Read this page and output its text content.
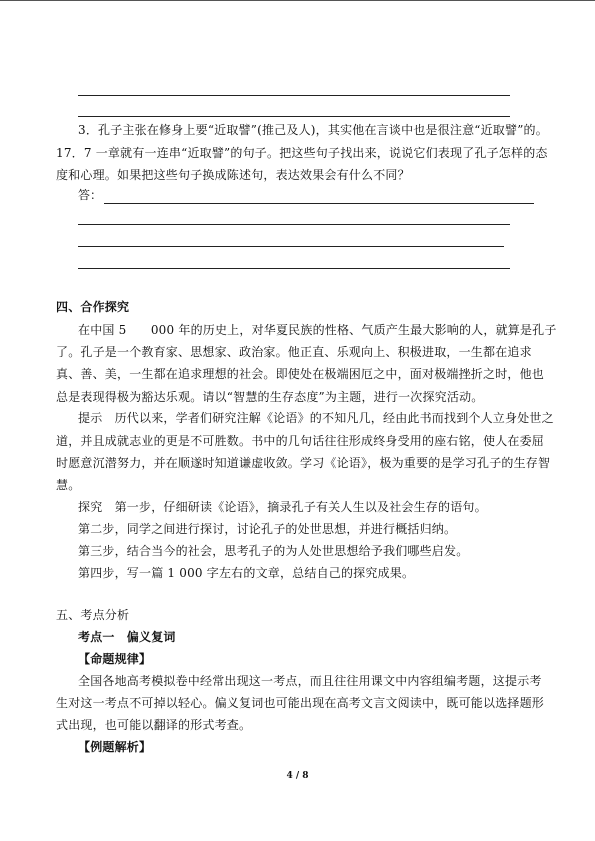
3．孔子主张在修身上要“近取譬”(推己及人)，其实他在言谈中也是很注意“近取譬”的。
17．7 一章就有一连串“近取譬”的句子。把这些句子找出来，说说它们表现了孔子怎样的态
度和心理。如果把这些句子换成陈述句，表达效果会有什么不同？
答：
四、合作探究
在中国 5　　000 年的历史上，对华夏民族的性格、气质产生最大影响的人，就算是孔子
了。孔子是一个教育家、思想家、政治家。他正直、乐观向上、积极进取，一生都在追求
真、善、美，一生都在追求理想的社会。即使处在极端困厄之中，面对极端挫折之时，他也
总是表现得极为豁达乐观。请以“智慧的生存态度”为主题，进行一次探究活动。
提示　历代以来，学者们研究注解《论语》的不知凡几，经由此书而找到个人立身处世之
道，并且成就志业的更是不可胜数。书中的几句话往往形成终身受用的座右铭，使人在委屈
时愿意沉潜努力，并在顺遂时知道谦虚收敛。学习《论语》，极为重要的是学习孔子的生存智
慧。
探究　第一步，仔细研读《论语》，摘录孔子有关人生以及社会生存的语句。
第二步，同学之间进行探讨，讨论孔子的处世思想，并进行概括归纳。
第三步，结合当今的社会，思考孔子的为人处世思想给予我们哪些启发。
第四步，写一篇 1 000 字左右的文章，总结自己的探究成果。
五、考点分析
考点一　偏义复词
【命题规律】
全国各地高考模拟卷中经常出现这一考点，而且往往用课文中内容组编考题，这提示考
生对这一考点不可掉以轻心。偏义复词也可能出现在高考文言文阅读中，既可能以选择题形
式出现，也可能以翻译的形式考查。
【例题解析】
4 / 8
